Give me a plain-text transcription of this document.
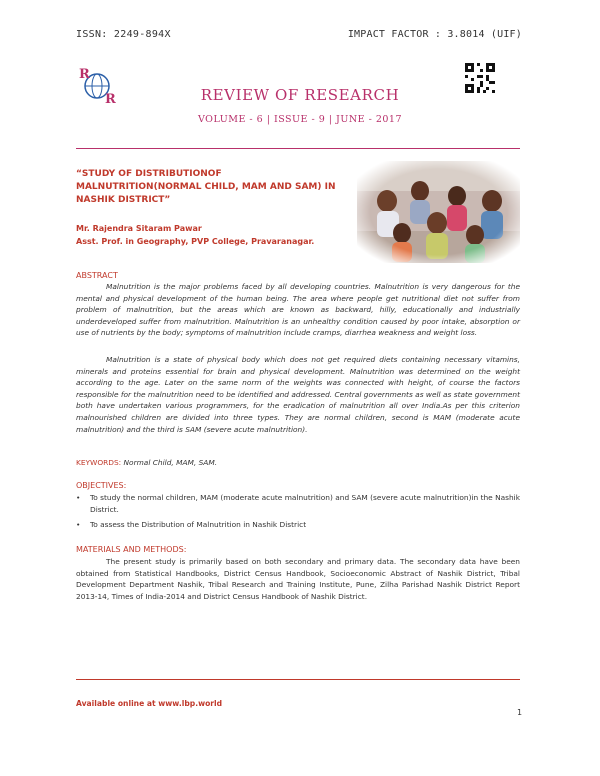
ISSN: 2249-894X	IMPACT FACTOR : 3.8014 (UIF)
R
R	REVIEW OF RESEARCH
VOLUME - 6 | ISSUE - 9 | JUNE - 2017
“STUDY OF DISTRIBUTIONOF MALNUTRITION(NORMAL CHILD, MAM AND SAM) IN NASHIK DISTRICT”
Mr. Rajendra Sitaram Pawar
Asst. Prof. in Geography, PVP College, Pravaranagar.
ABSTRACT
Malnutrition is the major problems faced by all developing countries. Malnutrition is very dangerous for the mental and physical development of the human being. The area where people get nutritional diet not suffer from problem of malnutrition, but the areas which are known as backward, hilly, educationally and industrially underdeveloped suffer from malnutrition. Malnutrition is an unhealthy condition caused by poor intake, absorption or use of nutrients by the body; symptoms of malnutrition include cramps, diarrhea weakness and weight loss.
Malnutrition is a state of physical body which does not get required diets containing necessary vitamins, minerals and proteins essential for brain and physical development. Malnutrition was determined on the weight according to the age. Later on the same norm of the weights was connected with height, of course the factors responsible for the malnutrition need to be identified and addressed. Central governments as well as state government both have undertaken various programmers, for the eradication of malnutrition all over India.As per this criterion malnourished children are divided into three types. They are normal children, second is MAM (moderate acute malnutrition) and the third is SAM (severe acute malnutrition).
KEYWORDS: Normal Child, MAM, SAM.
OBJECTIVES:
• To study the normal children, MAM (moderate acute malnutrition) and SAM (severe acute malnutrition)in the Nashik District.
• To assess the Distribution of Malnutrition in Nashik District
MATERIALS AND METHODS:
The present study is primarily based on both secondary and primary data. The secondary data have been obtained from Statistical Handbooks, District Census Handbook, Socioeconomic Abstract of Nashik District, Tribal Development Department Nashik, Tribal Research and Training Institute, Pune, Zilha Parishad Nashik District Report 2013-14, Times of India-2014 and District Census Handbook of Nashik District.
Available online at www.lbp.world
1
